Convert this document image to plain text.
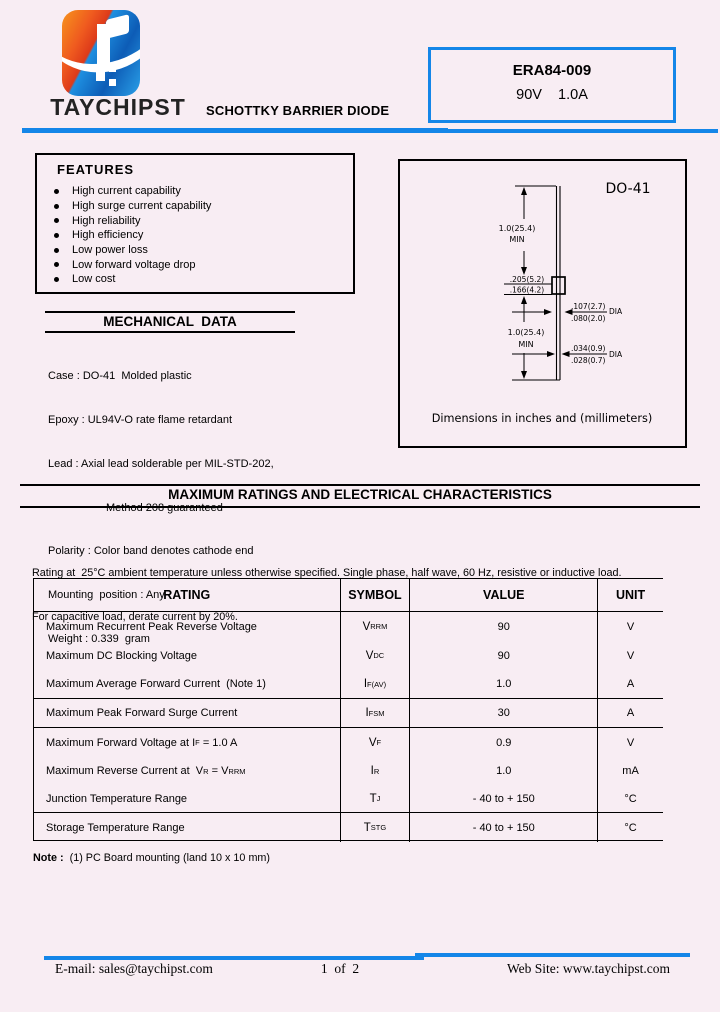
TAYCHIPST	SCHOTTKY BARRIER DIODE
ERA84-009
90V    1.0A
FEATURES
High current capability
High surge current capability
High reliability
High efficiency
Low power loss
Low forward voltage drop
Low cost
MECHANICAL  DATA

Case : DO-41  Molded plastic

Epoxy : UL94V-O rate flame retardant

Lead : Axial lead solderable per MIL-STD-202,

Polarity : Color band denotes cathode end

Mounting  position : Any

Weight : 0.339  gram

DO-41
1.0(25.4)
MIN
.205(5.2)
.166(4.2)
1.0(25.4)
MIN
.107(2.7)
.080(2.0)
DIA
.034(0.9)
.028(0.7)
DIA
Dimensions in inches and (millimeters)
MAXIMUM RATINGS AND ELECTRICAL CHARACTERISTICS

Rating at  25°C ambient temperature unless otherwise specified. Single phase, half wave, 60 Hz, resistive or inductive load.

For capacitive load, derate current by 20%.

RATING	SYMBOL	VALUE	UNIT
Maximum Recurrent Peak Reverse Voltage	V RRM	90	V
Maximum DC Blocking Voltage	V DC	90	V
Maximum Average Forward Current  (Note 1)	I F(AV)	1.0	A
Maximum Peak Forward Surge Current	I FSM	30	A
Maximum Forward Voltage at I F = 1.0 A	V F	0.9	V
Maximum Reverse Current at  V R = V RRM	I R	1.0	mA
Junction Temperature Range	T J	- 40 to + 150	°C
Storage Temperature Range	T STG	- 40 to + 150	°C
Note :  (1) PC Board mounting (land 10 x 10 mm)
E-mail: sales@taychipst.com	1  of  2	Web Site: www.taychipst.com
